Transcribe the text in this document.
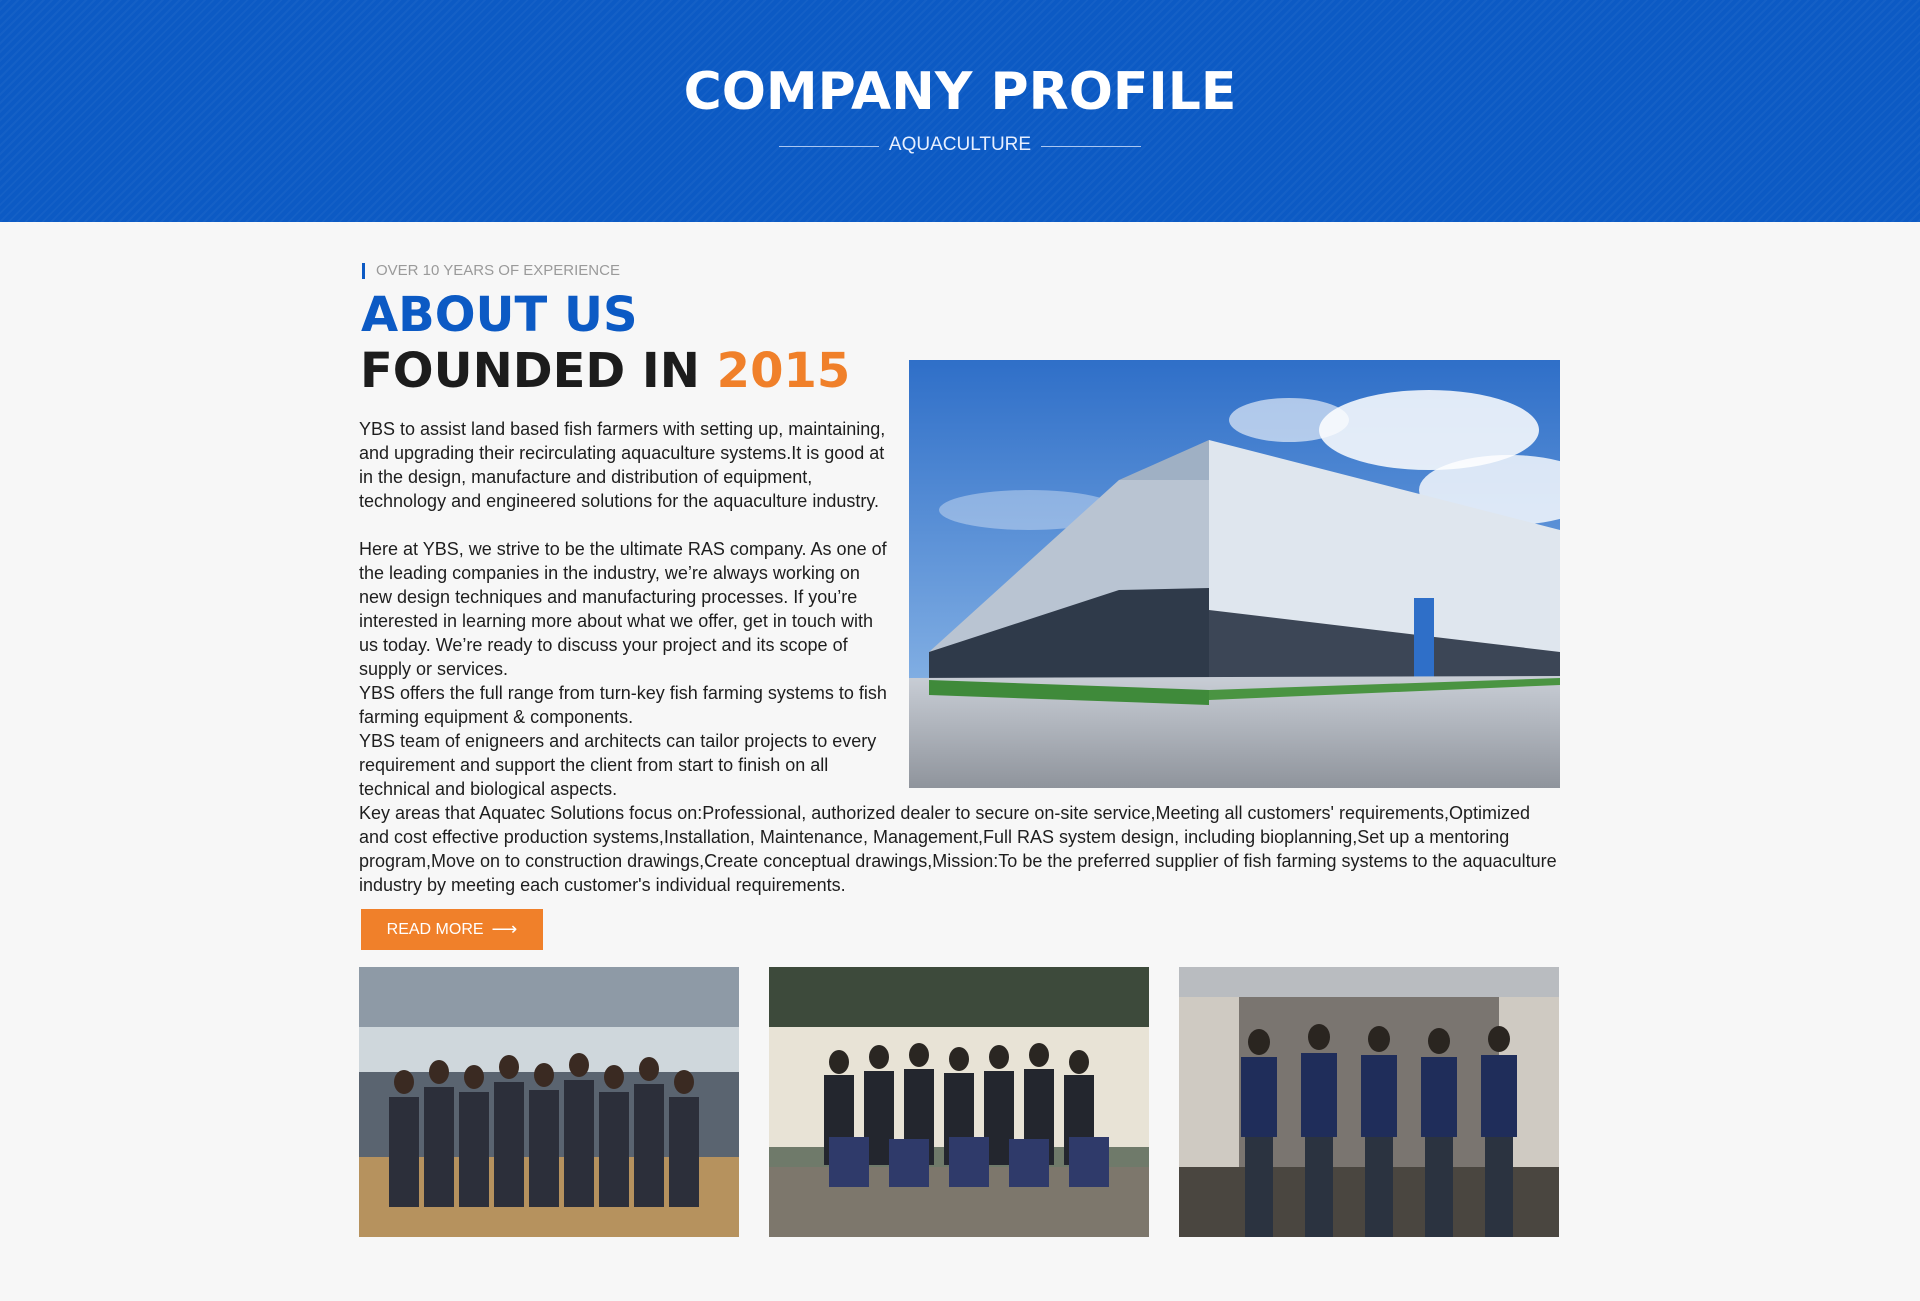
COMPANY PROFILE
AQUACULTURE
OVER 10 YEARS OF EXPERIENCE
ABOUT US
FOUNDED IN 2015

YBS to assist land based fish farmers with setting up, maintaining, and upgrading their recirculating aquaculture systems.It is good at in the design, manufacture and distribution of equipment, technology and engineered solutions for the aquaculture industry.

Here at YBS, we strive to be the ultimate RAS company. As one of the leading companies in the industry, we’re always working on new design techniques and manufacturing processes. If you’re interested in learning more about what we offer, get in touch with us today. We’re ready to discuss your project and its scope of supply or services.

YBS offers the full range from turn-key fish farming systems to fish farming equipment & components.

YBS team of enigneers and architects can tailor projects to every requirement and support the client from start to finish on all technical and biological aspects.

Key areas that Aquatec Solutions focus on:Professional, authorized dealer to secure on-site service,Meeting all customers' requirements,Optimized and cost effective production systems,Installation, Maintenance, Management,Full RAS system design, including bioplanning,Set up a mentoring program,Move on to construction drawings,Create conceptual drawings,Mission:To be the preferred supplier of fish farming systems to the aquaculture industry by meeting each customer's individual requirements.

READ MORE ⟶
